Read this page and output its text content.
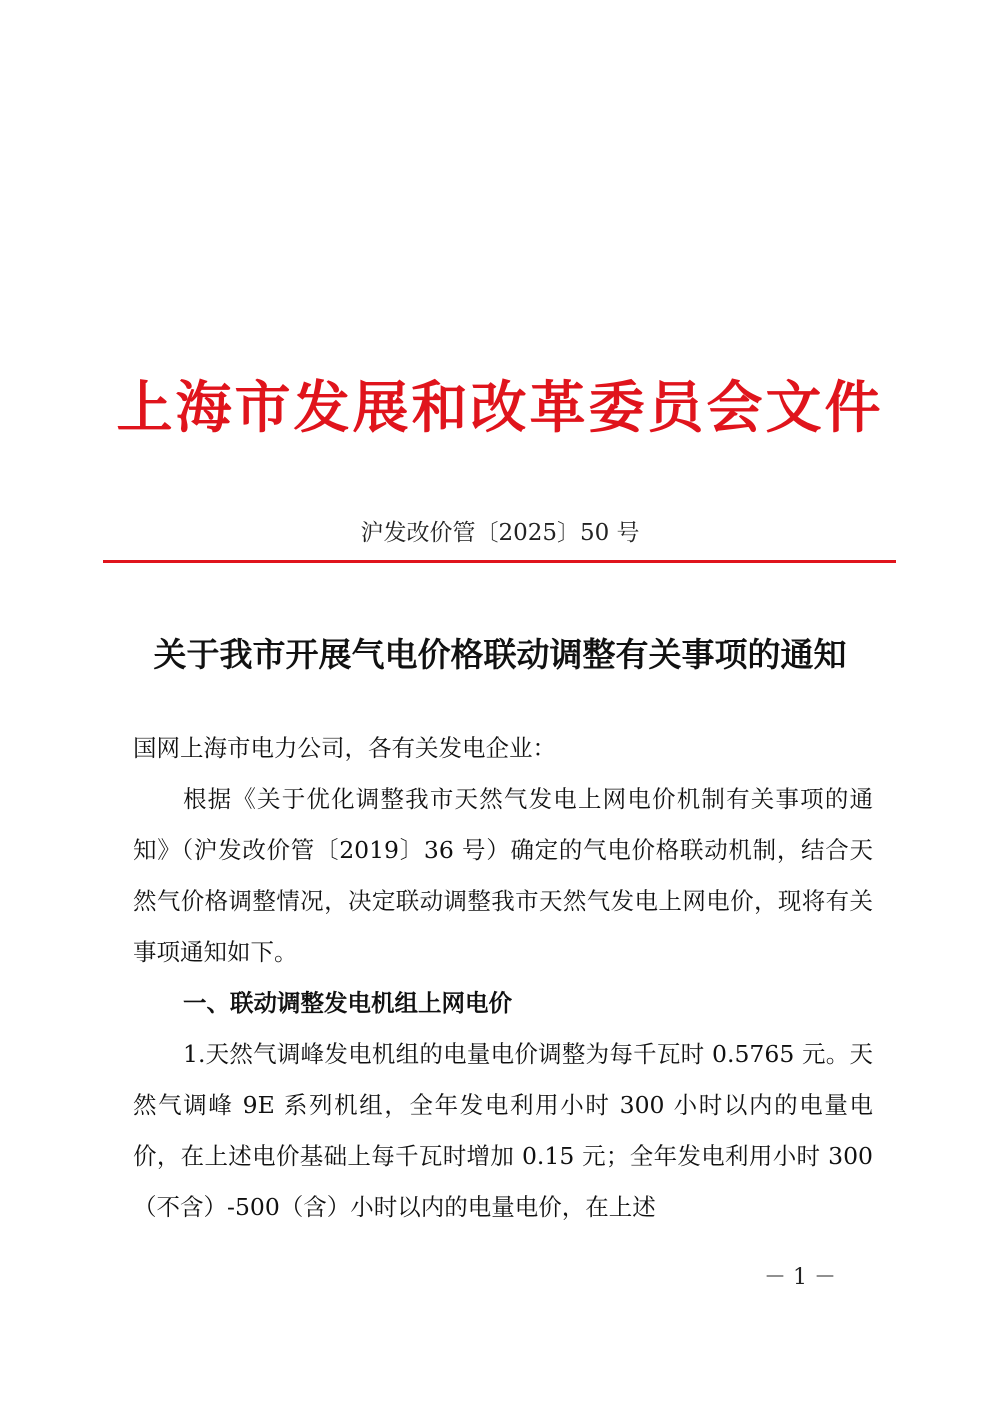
上海市发展和改革委员会文件
沪发改价管〔2025〕50 号
关于我市开展气电价格联动调整有关事项的通知
国网上海市电力公司，各有关发电企业：
根据《关于优化调整我市天然气发电上网电价机制有关事项的通知》（沪发改价管〔2019〕36 号）确定的气电价格联动机制，结合天然气价格调整情况，决定联动调整我市天然气发电上网电价，现将有关事项通知如下。
一、联动调整发电机组上网电价
1.天然气调峰发电机组的电量电价调整为每千瓦时 0.5765 元。天然气调峰 9E 系列机组，全年发电利用小时 300 小时以内的电量电价，在上述电价基础上每千瓦时增加 0.15 元；全年发电利用小时 300（不含）-500（含）小时以内的电量电价，在上述
－ 1 －
